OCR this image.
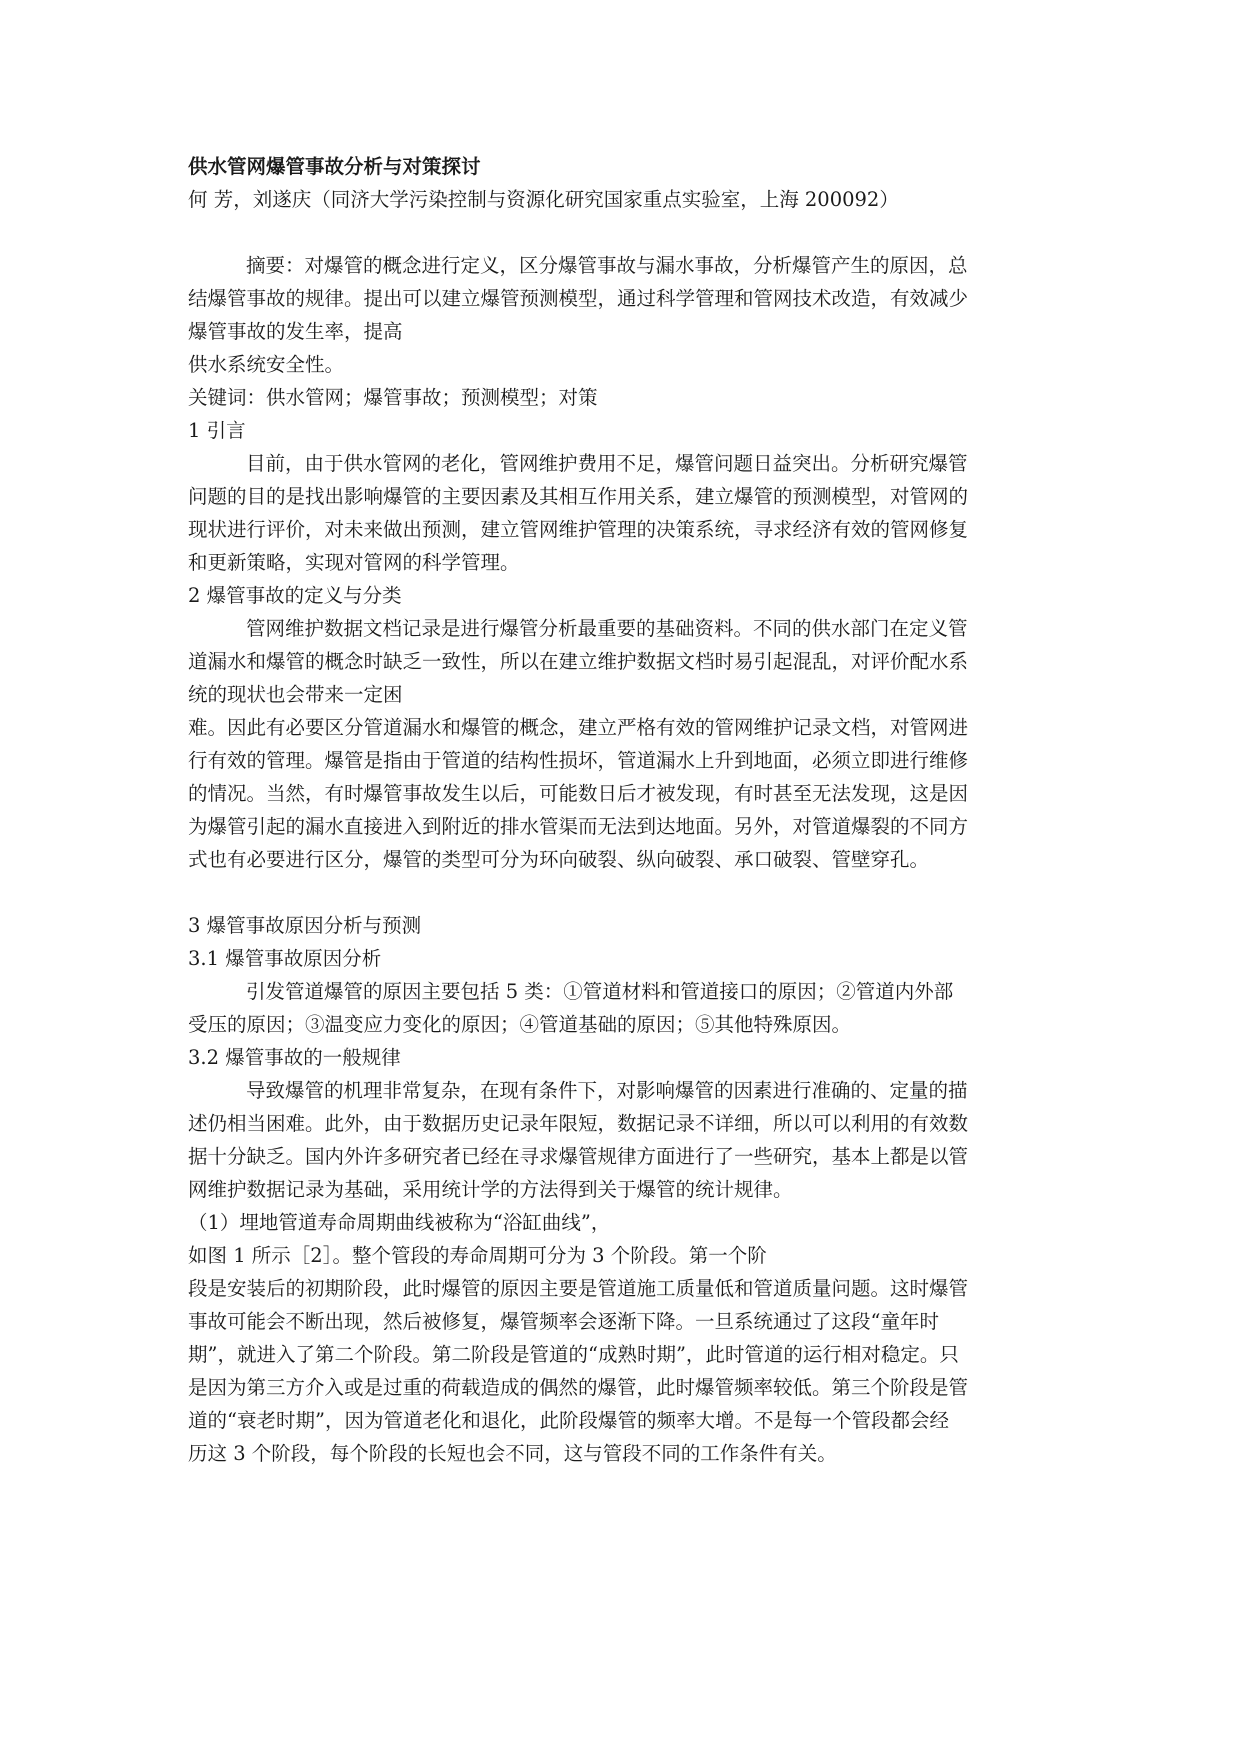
供水管网爆管事故分析与对策探讨
何 芳，刘遂庆（同济大学污染控制与资源化研究国家重点实验室，上海 200092）
摘要：对爆管的概念进行定义，区分爆管事故与漏水事故，分析爆管产生的原因，总
结爆管事故的规律。提出可以建立爆管预测模型，通过科学管理和管网技术改造，有效减少
爆管事故的发生率，提高
供水系统安全性。
关键词：供水管网；爆管事故；预测模型；对策
1 引言
目前，由于供水管网的老化，管网维护费用不足，爆管问题日益突出。分析研究爆管
问题的目的是找出影响爆管的主要因素及其相互作用关系，建立爆管的预测模型，对管网的
现状进行评价，对未来做出预测，建立管网维护管理的决策系统，寻求经济有效的管网修复
和更新策略，实现对管网的科学管理。
2 爆管事故的定义与分类
管网维护数据文档记录是进行爆管分析最重要的基础资料。不同的供水部门在定义管
道漏水和爆管的概念时缺乏一致性，所以在建立维护数据文档时易引起混乱，对评价配水系
统的现状也会带来一定困
难。因此有必要区分管道漏水和爆管的概念，建立严格有效的管网维护记录文档，对管网进
行有效的管理。爆管是指由于管道的结构性损坏，管道漏水上升到地面，必须立即进行维修
的情况。当然，有时爆管事故发生以后，可能数日后才被发现，有时甚至无法发现，这是因
为爆管引起的漏水直接进入到附近的排水管渠而无法到达地面。另外，对管道爆裂的不同方
式也有必要进行区分，爆管的类型可分为环向破裂、纵向破裂、承口破裂、管壁穿孔。
3 爆管事故原因分析与预测
3.1 爆管事故原因分析
引发管道爆管的原因主要包括 5 类：①管道材料和管道接口的原因；②管道内外部
受压的原因；③温变应力变化的原因；④管道基础的原因；⑤其他特殊原因。
3.2 爆管事故的一般规律
导致爆管的机理非常复杂，在现有条件下，对影响爆管的因素进行准确的、定量的描
述仍相当困难。此外，由于数据历史记录年限短，数据记录不详细，所以可以利用的有效数
据十分缺乏。国内外许多研究者已经在寻求爆管规律方面进行了一些研究，基本上都是以管
网维护数据记录为基础，采用统计学的方法得到关于爆管的统计规律。
（1）埋地管道寿命周期曲线被称为“浴缸曲线”，
如图 1 所示［2］。整个管段的寿命周期可分为 3 个阶段。第一个阶
段是安装后的初期阶段，此时爆管的原因主要是管道施工质量低和管道质量问题。这时爆管
事故可能会不断出现，然后被修复，爆管频率会逐渐下降。一旦系统通过了这段“童年时
期”，就进入了第二个阶段。第二阶段是管道的“成熟时期”，此时管道的运行相对稳定。只
是因为第三方介入或是过重的荷载造成的偶然的爆管，此时爆管频率较低。第三个阶段是管
道的“衰老时期”，因为管道老化和退化，此阶段爆管的频率大增。不是每一个管段都会经
历这 3 个阶段，每个阶段的长短也会不同，这与管段不同的工作条件有关。
